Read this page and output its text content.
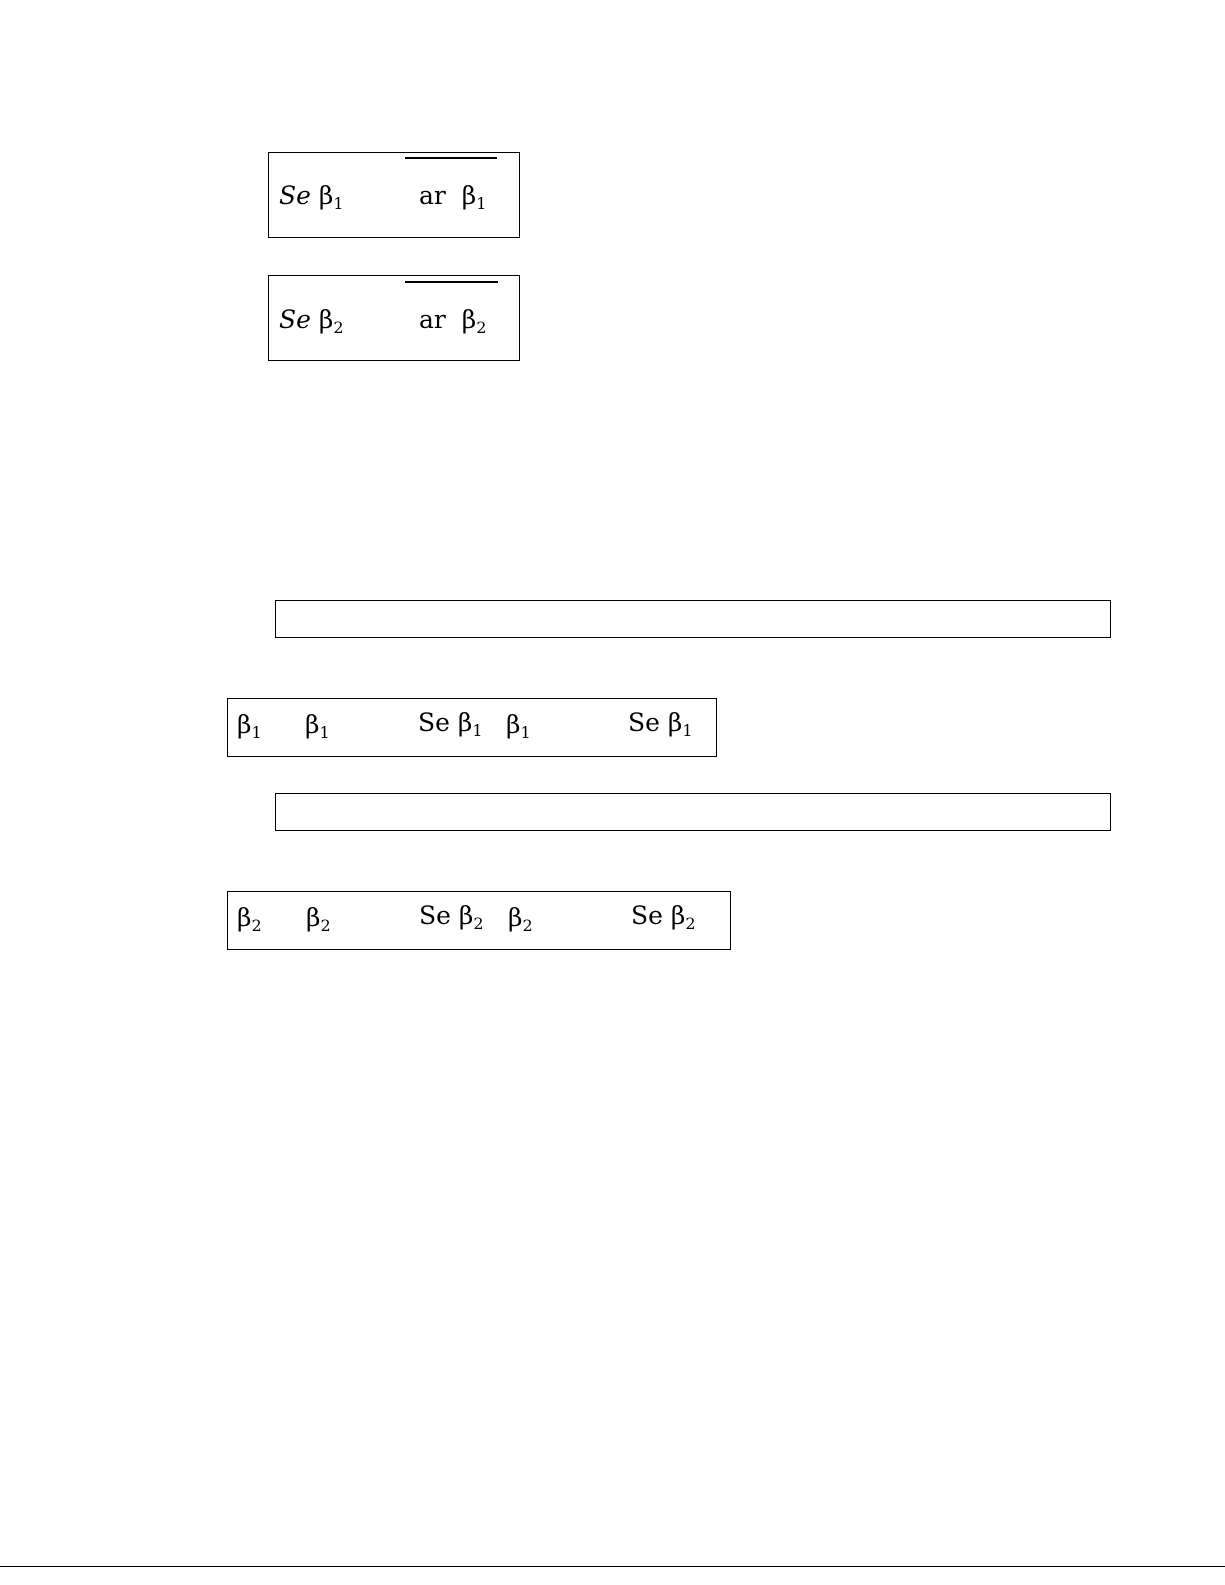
Se $\beta_1$	ar $\beta_1$
Se $\beta_2$	ar $\beta_2$
$\beta_1$ $\beta_1$	Se $\beta_1$ $\beta_1$	Se $\beta_1$
$\beta_2$ $\beta_2$	Se $\beta_2$ $\beta_2$	Se $\beta_2$
